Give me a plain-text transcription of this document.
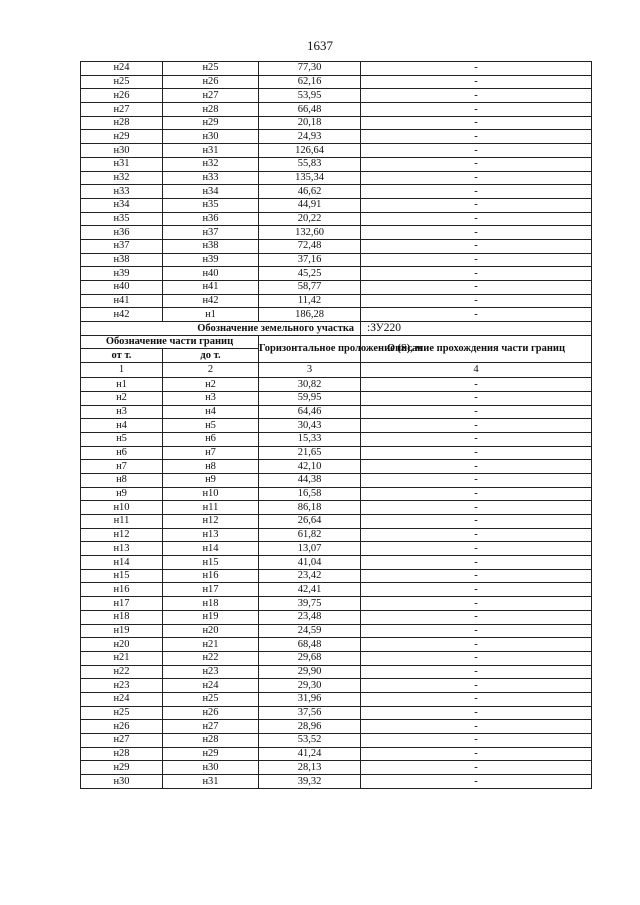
1637
н24	н25	77,30	-
н25	н26	62,16	-
н26	н27	53,95	-
н27	н28	66,48	-
н28	н29	20,18	-
н29	н30	24,93	-
н30	н31	126,64	-
н31	н32	55,83	-
н32	н33	135,34	-
н33	н34	46,62	-
н34	н35	44,91	-
н35	н36	20,22	-
н36	н37	132,60	-
н37	н38	72,48	-
н38	н39	37,16	-
н39	н40	45,25	-
н40	н41	58,77	-
н41	н42	11,42	-
н42	н1	186,28	-
Обозначение земельного участка			:ЗУ220
Обозначение части границ		Горизонтальное проложение (S), м	Описание прохождения части границ
от т.	до т.		
1	2	3	4
н1	н2	30,82	-
н2	н3	59,95	-
н3	н4	64,46	-
н4	н5	30,43	-
н5	н6	15,33	-
н6	н7	21,65	-
н7	н8	42,10	-
н8	н9	44,38	-
н9	н10	16,58	-
н10	н11	86,18	-
н11	н12	26,64	-
н12	н13	61,82	-
н13	н14	13,07	-
н14	н15	41,04	-
н15	н16	23,42	-
н16	н17	42,41	-
н17	н18	39,75	-
н18	н19	23,48	-
н19	н20	24,59	-
н20	н21	68,48	-
н21	н22	29,68	-
н22	н23	29,90	-
н23	н24	29,30	-
н24	н25	31,96	-
н25	н26	37,56	-
н26	н27	28,96	-
н27	н28	53,52	-
н28	н29	41,24	-
н29	н30	28,13	-
н30	н31	39,32	-
